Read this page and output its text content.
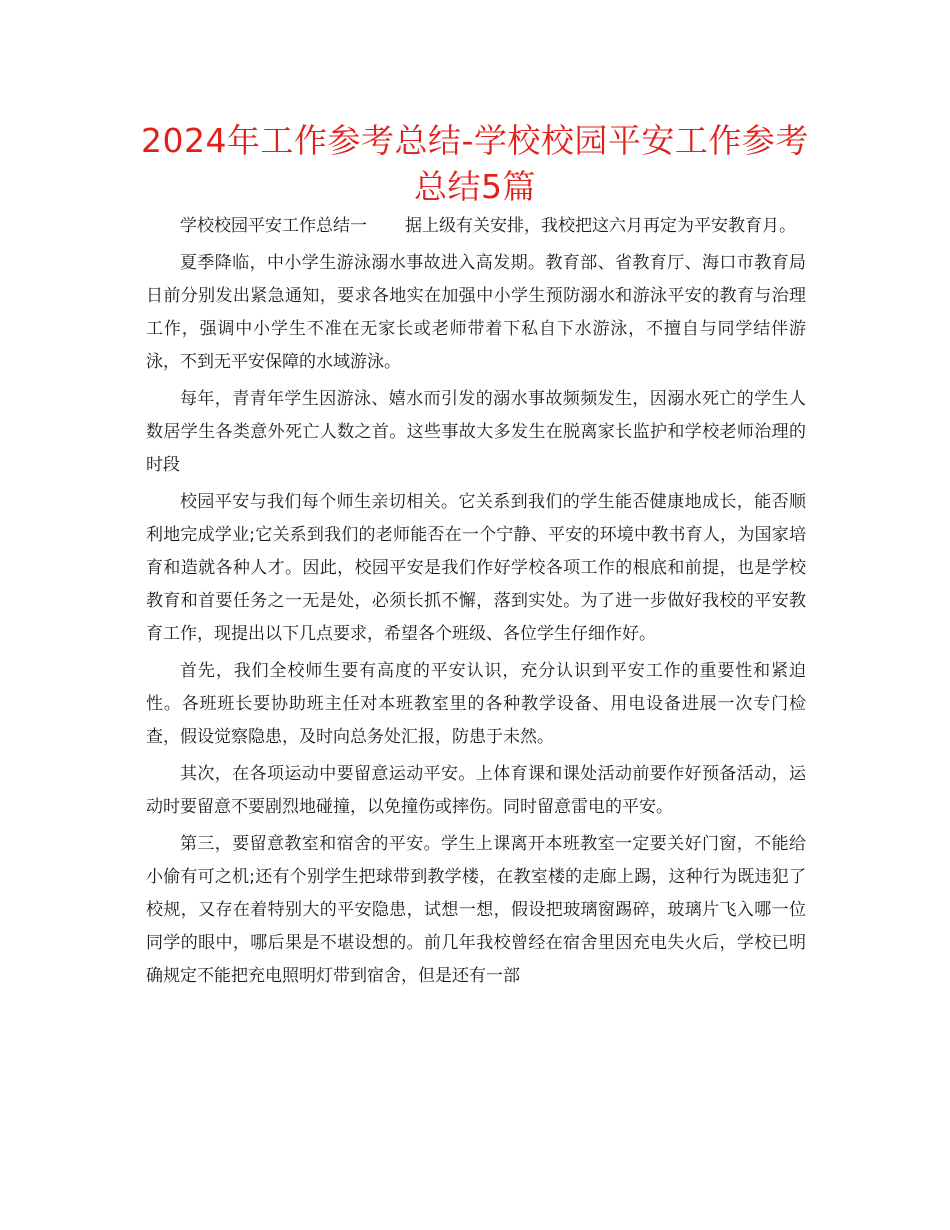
2024年工作参考总结-学校校园平安工作参考总结5篇

学校校园平安工作总结一 据上级有关安排，我校把这六月再定为平安教育月。

夏季降临，中小学生游泳溺水事故进入高发期。教育部、省教育厅、海口市教育局日前分别发出紧急通知，要求各地实在加强中小学生预防溺水和游泳平安的教育与治理工作，强调中小学生不准在无家长或老师带着下私自下水游泳，不擅自与同学结伴游泳，不到无平安保障的水域游泳。

每年，青青年学生因游泳、嬉水而引发的溺水事故频频发生，因溺水死亡的学生人数居学生各类意外死亡人数之首。这些事故大多发生在脱离家长监护和学校老师治理的时段

校园平安与我们每个师生亲切相关。它关系到我们的学生能否健康地成长，能否顺利地完成学业;它关系到我们的老师能否在一个宁静、平安的环境中教书育人，为国家培育和造就各种人才。因此，校园平安是我们作好学校各项工作的根底和前提，也是学校教育和首要任务之一无是处，必须长抓不懈，落到实处。为了进一步做好我校的平安教育工作，现提出以下几点要求，希望各个班级、各位学生仔细作好。

首先，我们全校师生要有高度的平安认识，充分认识到平安工作的重要性和紧迫性。各班班长要协助班主任对本班教室里的各种教学设备、用电设备进展一次专门检查，假设觉察隐患，及时向总务处汇报，防患于未然。

其次，在各项运动中要留意运动平安。上体育课和课处活动前要作好预备活动，运动时要留意不要剧烈地碰撞，以免撞伤或摔伤。同时留意雷电的平安。

第三，要留意教室和宿舍的平安。学生上课离开本班教室一定要关好门窗，不能给小偷有可之机;还有个别学生把球带到教学楼，在教室楼的走廊上踢，这种行为既违犯了校规，又存在着特别大的平安隐患，试想一想，假设把玻璃窗踢碎，玻璃片飞入哪一位同学的眼中，哪后果是不堪设想的。前几年我校曾经在宿舍里因充电失火后，学校已明确规定不能把充电照明灯带到宿舍，但是还有一部
